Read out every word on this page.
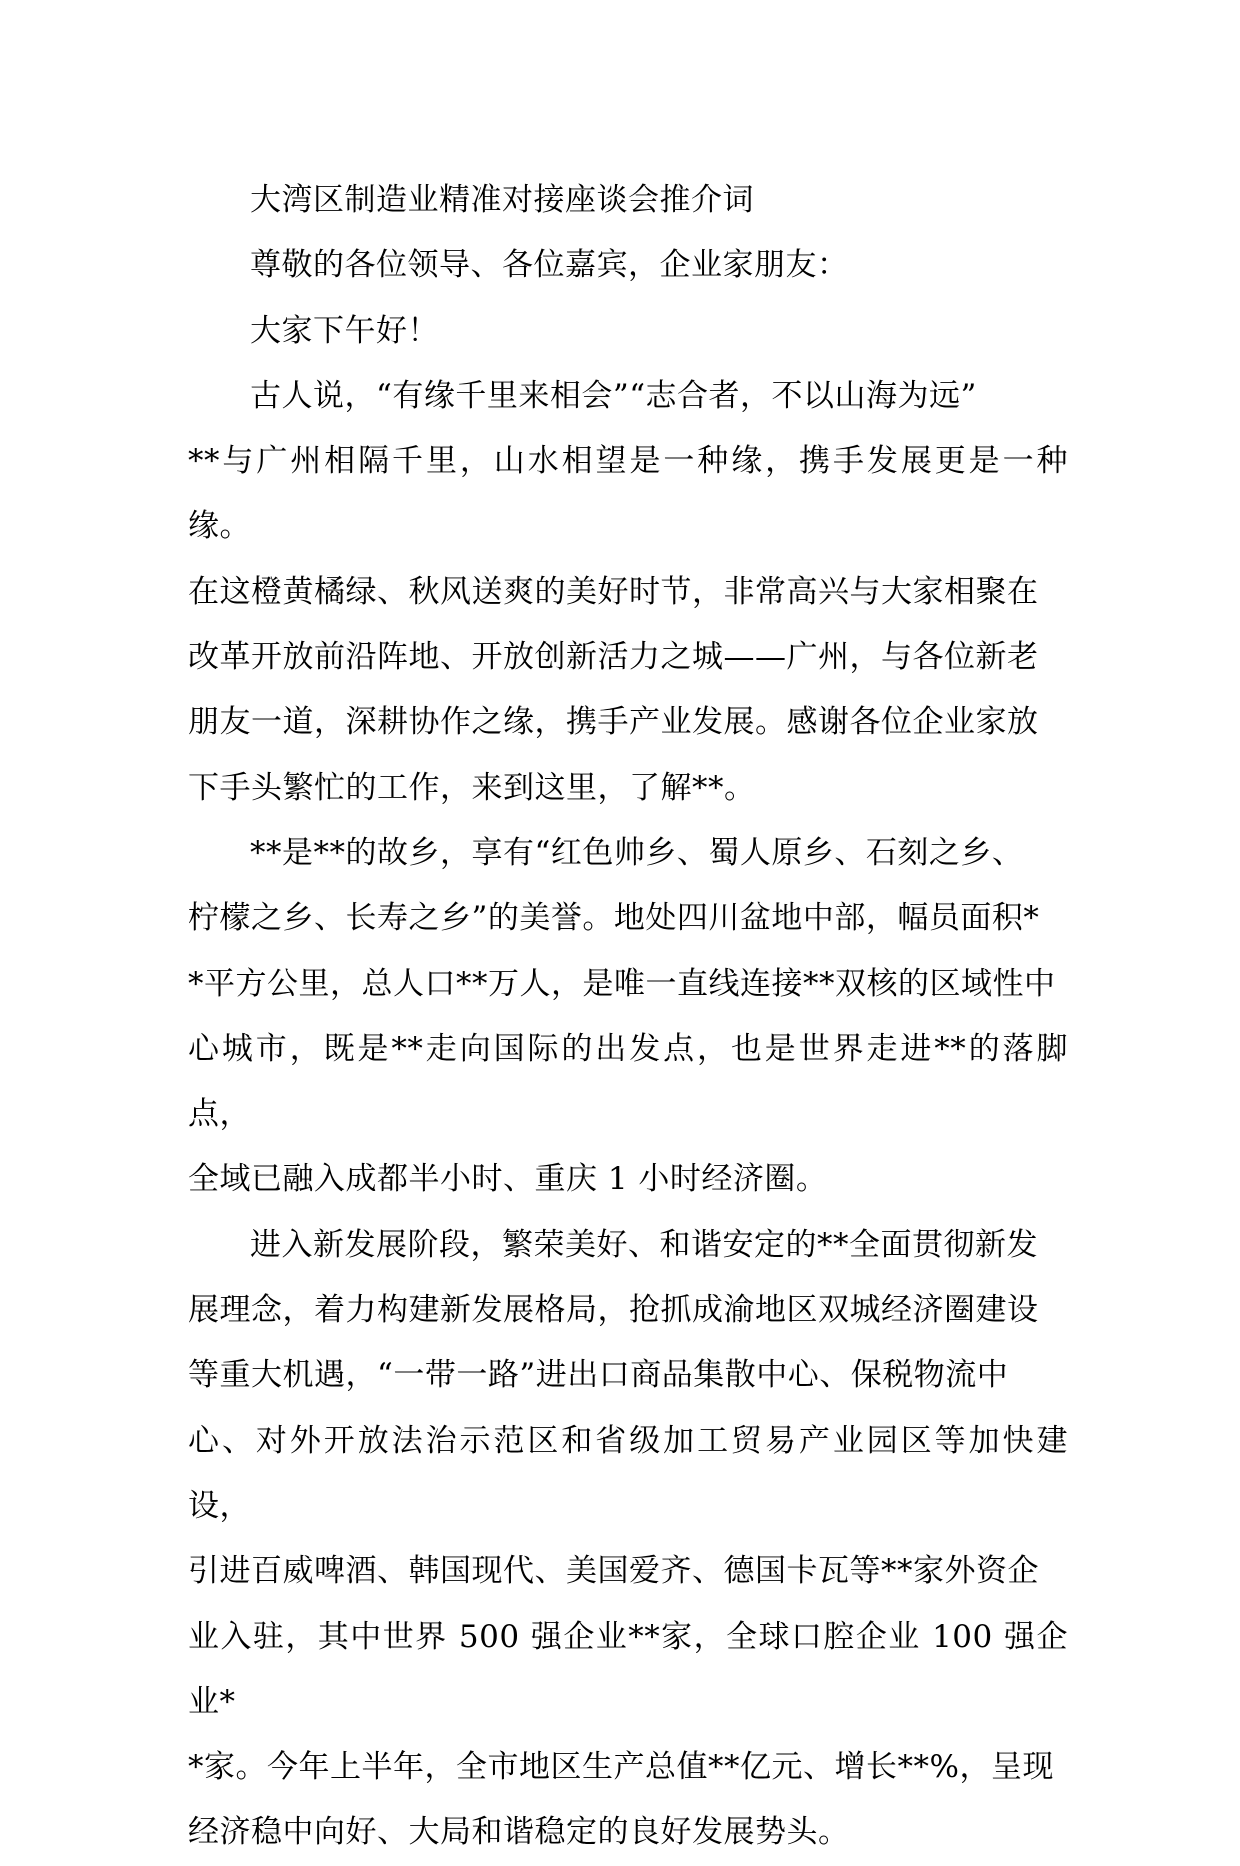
大湾区制造业精准对接座谈会推介词

尊敬的各位领导、各位嘉宾，企业家朋友：

大家下午好！

古人说，“有缘千里来相会”“志合者，不以山海为远”
**与广州相隔千里，山水相望是一种缘，携手发展更是一种缘。
在这橙黄橘绿、秋风送爽的美好时节，非常高兴与大家相聚在
改革开放前沿阵地、开放创新活力之城——广州，与各位新老
朋友一道，深耕协作之缘，携手产业发展。感谢各位企业家放
下手头繁忙的工作，来到这里，了解**。

**是**的故乡，享有“红色帅乡、蜀人原乡、石刻之乡、
柠檬之乡、长寿之乡”的美誉。地处四川盆地中部，幅员面积*
*平方公里，总人口**万人，是唯一直线连接**双核的区域性中
心城市，既是**走向国际的出发点，也是世界走进**的落脚点，
全域已融入成都半小时、重庆 1 小时经济圈。

进入新发展阶段，繁荣美好、和谐安定的**全面贯彻新发
展理念，着力构建新发展格局，抢抓成渝地区双城经济圈建设
等重大机遇，“一带一路”进出口商品集散中心、保税物流中
心、对外开放法治示范区和省级加工贸易产业园区等加快建设，
引进百威啤酒、韩国现代、美国爱齐、德国卡瓦等**家外资企
业入驻，其中世界 500 强企业**家，全球口腔企业 100 强企业*
*家。今年上半年，全市地区生产总值**亿元、增长**%，呈现
经济稳中向好、大局和谐稳定的良好发展势头。
